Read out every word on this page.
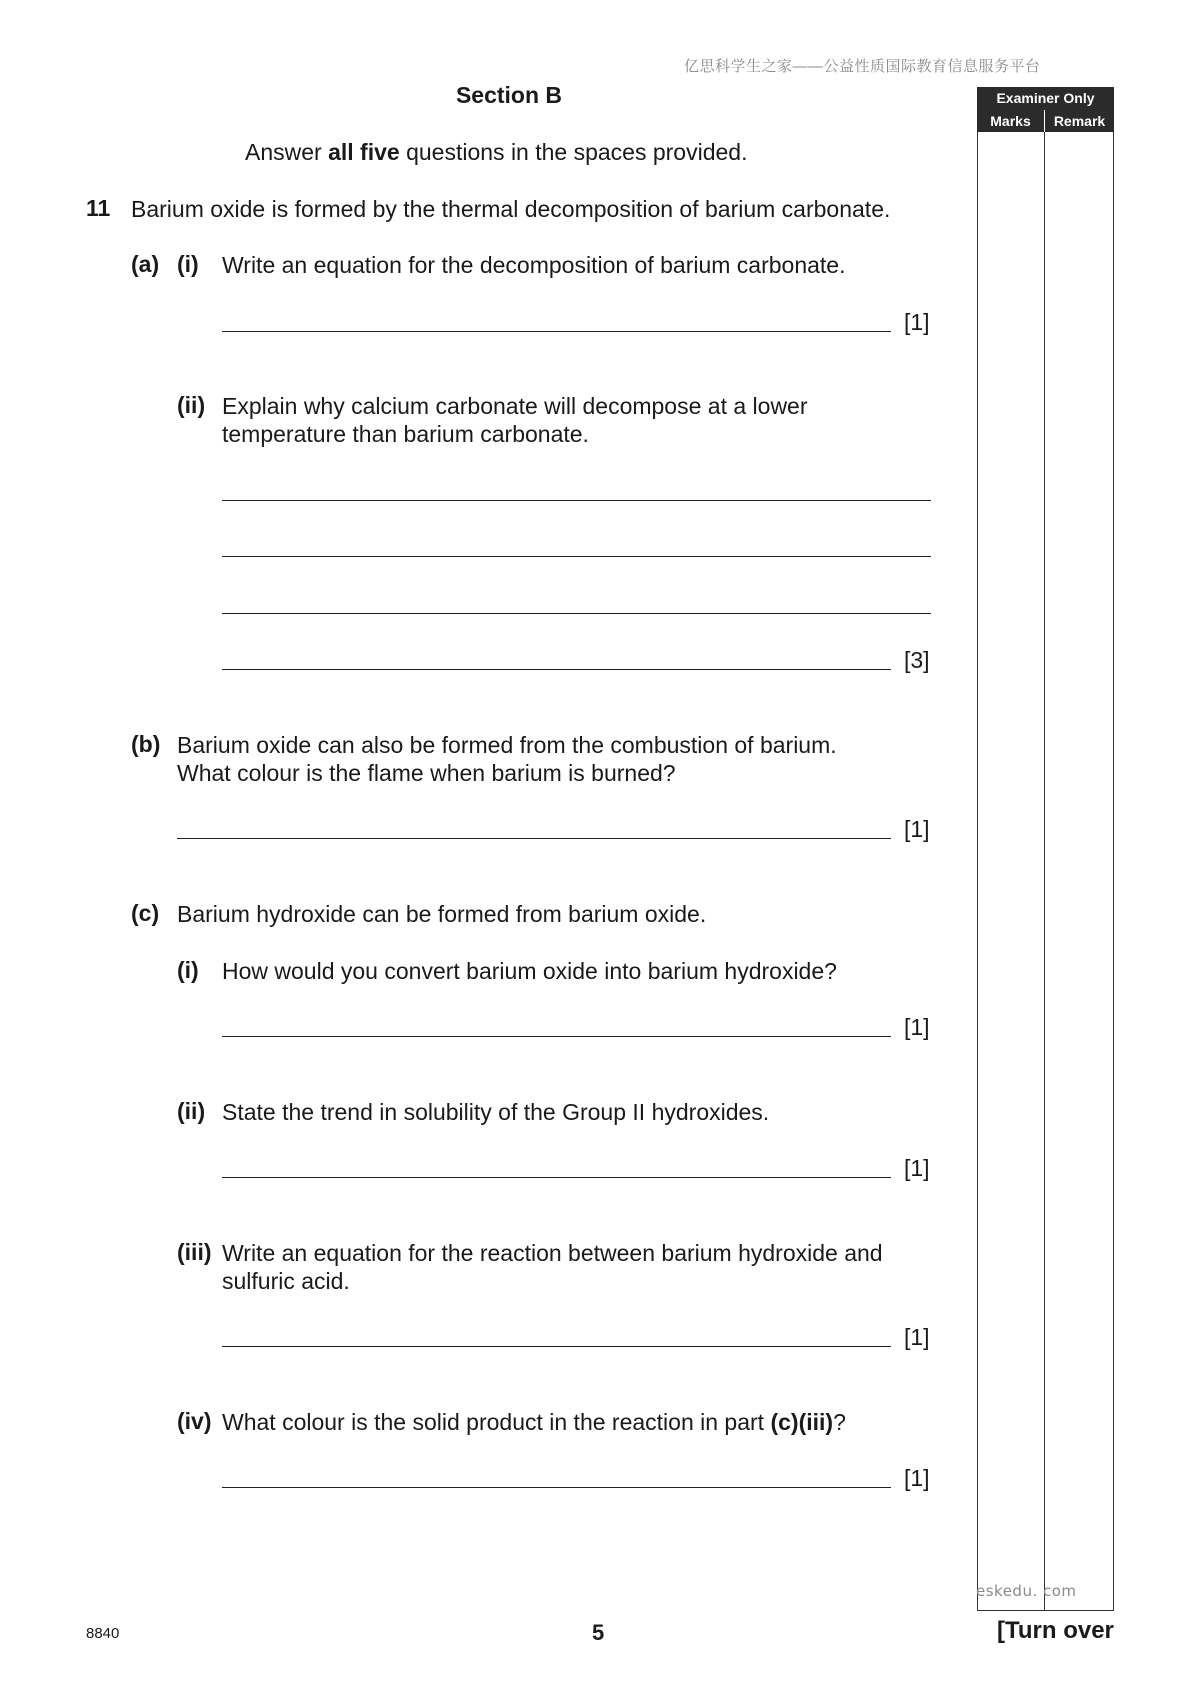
亿思科学生之家——公益性质国际教育信息服务平台
Section B
Answer all five questions in the spaces provided.
Examiner Only
Marks	Remark
11 Barium oxide is formed by the thermal decomposition of barium carbonate.
(a) (i) Write an equation for the decomposition of barium carbonate.
[1]
(ii) Explain why calcium carbonate will decompose at a lower
temperature than barium carbonate.
[3]
(b) Barium oxide can also be formed from the combustion of barium.
What colour is the flame when barium is burned?
[1]
(c) Barium hydroxide can be formed from barium oxide.
(i) How would you convert barium oxide into barium hydroxide?
[1]
(ii) State the trend in solubility of the Group II hydroxides.
[1]
(iii) Write an equation for the reaction between barium hydroxide and
sulfuric acid.
[1]
(iv) What colour is the solid product in the reaction in part (c)(iii)?
[1]
eskedu. com
8840	5	[Turn over
